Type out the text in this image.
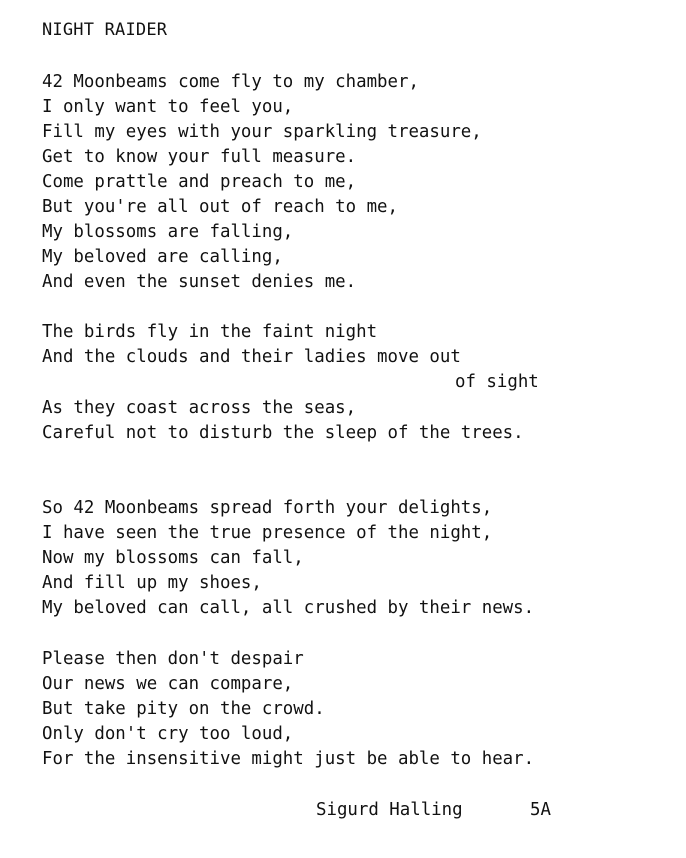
NIGHT RAIDER
42 Moonbeams come fly to my chamber,
I only want to feel you,
Fill my eyes with your sparkling treasure,
Get to know your full measure.
Come prattle and preach to me,
But you're all out of reach to me,
My blossoms are falling,
My beloved are calling,
And even the sunset denies me.
The birds fly in the faint night
And the clouds and their ladies move out
of sight
As they coast across the seas,
Careful not to disturb the sleep of the trees.
So 42 Moonbeams spread forth your delights,
I have seen the true presence of the night,
Now my blossoms can fall,
And fill up my shoes,
My beloved can call, all crushed by their news.
Please then don't despair
Our news we can compare,
But take pity on the crowd.
Only don't cry too loud,
For the insensitive might just be able to hear.
Sigurd Halling	5A
